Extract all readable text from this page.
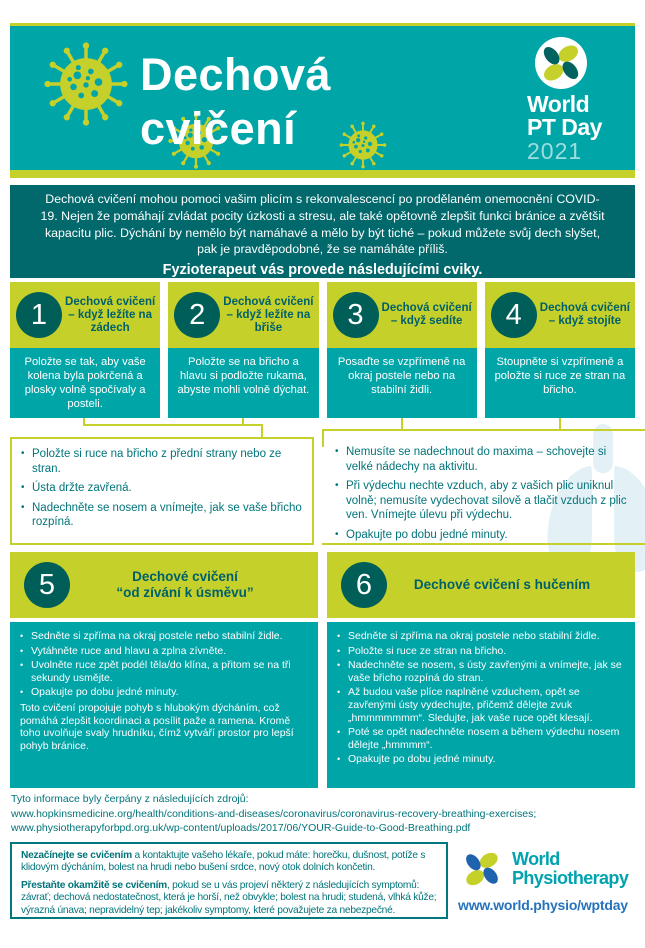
Dechová
cvičení	World
PT Day
2021
Dechová cvičení mohou pomoci vašim plicím s rekonvalescencí po prodělaném onemocnění COVID-19. Nejen že pomáhají zvládat pocity úzkosti a stresu, ale také opětovně zlepšit funkci bránice a zvětšit kapacitu plic. Dýchání by nemělo být namáhavé a mělo by být tiché – pokud můžete svůj dech slyšet, pak je pravděpodobné, že se namáháte příliš.
Fyzioterapeut vás provede následujícími cviky.
1 Dechová cvičení – když ležíte na zádech
Položte se tak, aby vaše kolena byla pokrčená a plosky volně spočívaly a posteli.
2 Dechová cvičení – když ležíte na břiše
Položte se na břicho a hlavu si podložte rukama, abyste mohli volně dýchat.
3 Dechová cvičení – když sedíte
Posaďte se vzpřímeně na okraj postele nebo na stabilní židli.
4 Dechová cvičení – když stojíte
Stoupněte si vzpřímeně a položte si ruce ze stran na břicho.
• Položte si ruce na břicho z přední strany nebo ze stran.
• Ústa držte zavřená.
• Nadechněte se nosem a vnímejte, jak se vaše břicho rozpíná.
• Nemusíte se nadechnout do maxima – schovejte si velké nádechy na aktivitu.
• Při výdechu nechte vzduch, aby z vašich plic uniknul volně; nemusíte vydechovat silově a tlačit vzduch z plic ven. Vnímejte úlevu při výdechu.
• Opakujte po dobu jedné minuty.
5	Dechové cvičení
“od zívání k úsměvu”
• Sedněte si zpříma na okraj postele nebo stabilní židle.
• Vytáhněte ruce and hlavu a zplna zívněte.
• Uvolněte ruce zpět podél těla/do klína, a přitom se na tři sekundy usmějte.
• Opakujte po dobu jedné minuty.
Toto cvičení propojuje pohyb s hlubokým dýcháním, což pomáhá zlepšit koordinaci a posílit paže a ramena. Kromě toho uvolňuje svaly hrudníku, čímž vytváří prostor pro lepší pohyb bránice.
6	Dechové cvičení s hučením
• Sedněte si zpříma na okraj postele nebo stabilní židle.
• Položte si ruce ze stran na břicho.
• Nadechněte se nosem, s ústy zavřenými a vnímejte, jak se vaše břicho rozpíná do stran.
• Až budou vaše plíce naplněné vzduchem, opět se zavřenými ústy vydechujte, přičemž dělejte zvuk „hmmmmmmm“. Sledujte, jak vaše ruce opět klesají.
• Poté se opět nadechněte nosem a během výdechu nosem dělejte „hmmmm“.
• Opakujte po dobu jedné minuty.
Tyto informace byly čerpány z následujících zdrojů:
www.hopkinsmedicine.org/health/conditions-and-diseases/coronavirus/coronavirus-recovery-breathing-exercises;
www.physiotherapyforbpd.org.uk/wp-content/uploads/2017/06/YOUR-Guide-to-Good-Breathing.pdf

Nezačínejte se cvičením a kontaktujte vašeho lékaře, pokud máte: horečku, dušnost, potíže s klidovým dýcháním, bolest na hrudi nebo bušení srdce, nový otok dolních končetin.

Přestaňte okamžitě se cvičením, pokud se u vás projeví některý z následujících symptomů: závrať; dechová nedostatečnost, která je horší, než obvykle; bolest na hrudi; studená, vlhká kůže; výrazná únava; nepravidelný tep; jakékoliv symptomy, které považujete za nebezpečné.

World
Physiotherapy
www.world.physio/wptday
